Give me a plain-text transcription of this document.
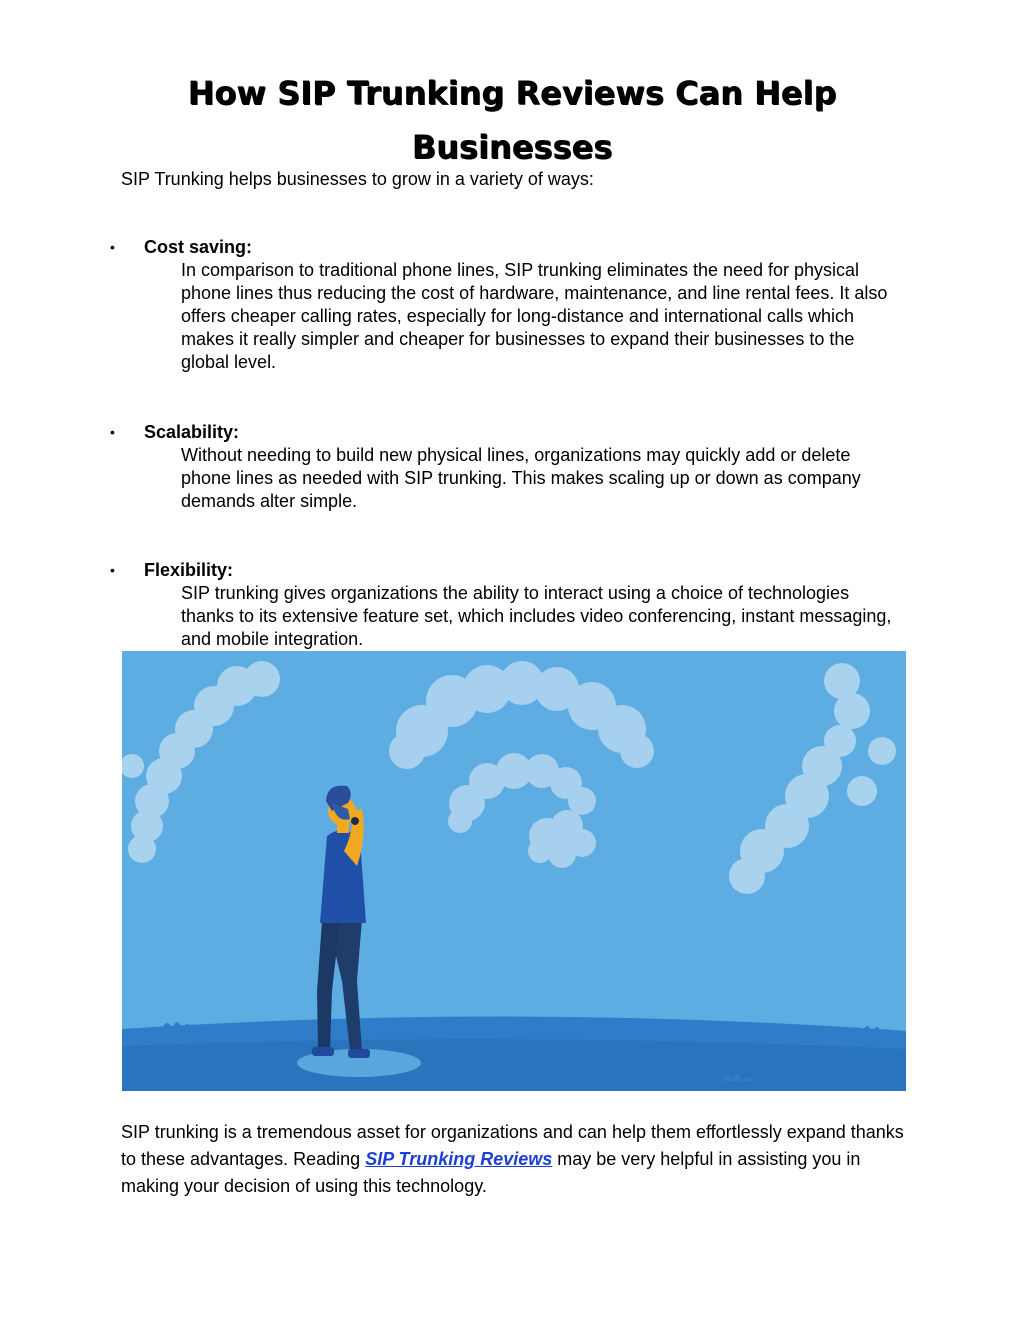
How SIP Trunking Reviews Can Help Businesses

SIP Trunking helps businesses to grow in a variety of ways:

• Cost saving:

In comparison to traditional phone lines, SIP trunking eliminates the need for physical phone lines thus reducing the cost of hardware, maintenance, and line rental fees. It also offers cheaper calling rates, especially for long-distance and international calls which makes it really simpler and cheaper for businesses to expand their businesses to the global level.

• Scalability:

Without needing to build new physical lines, organizations may quickly add or delete phone lines as needed with SIP trunking. This makes scaling up or down as company demands alter simple.

• Flexibility:

SIP trunking gives organizations the ability to interact using a choice of technologies thanks to its extensive feature set, which includes video conferencing, instant messaging, and mobile integration.

SIP trunking is a tremendous asset for organizations and can help them effortlessly expand thanks to these advantages. Reading SIP Trunking Reviews may be very helpful in assisting you in making your decision of using this technology.
